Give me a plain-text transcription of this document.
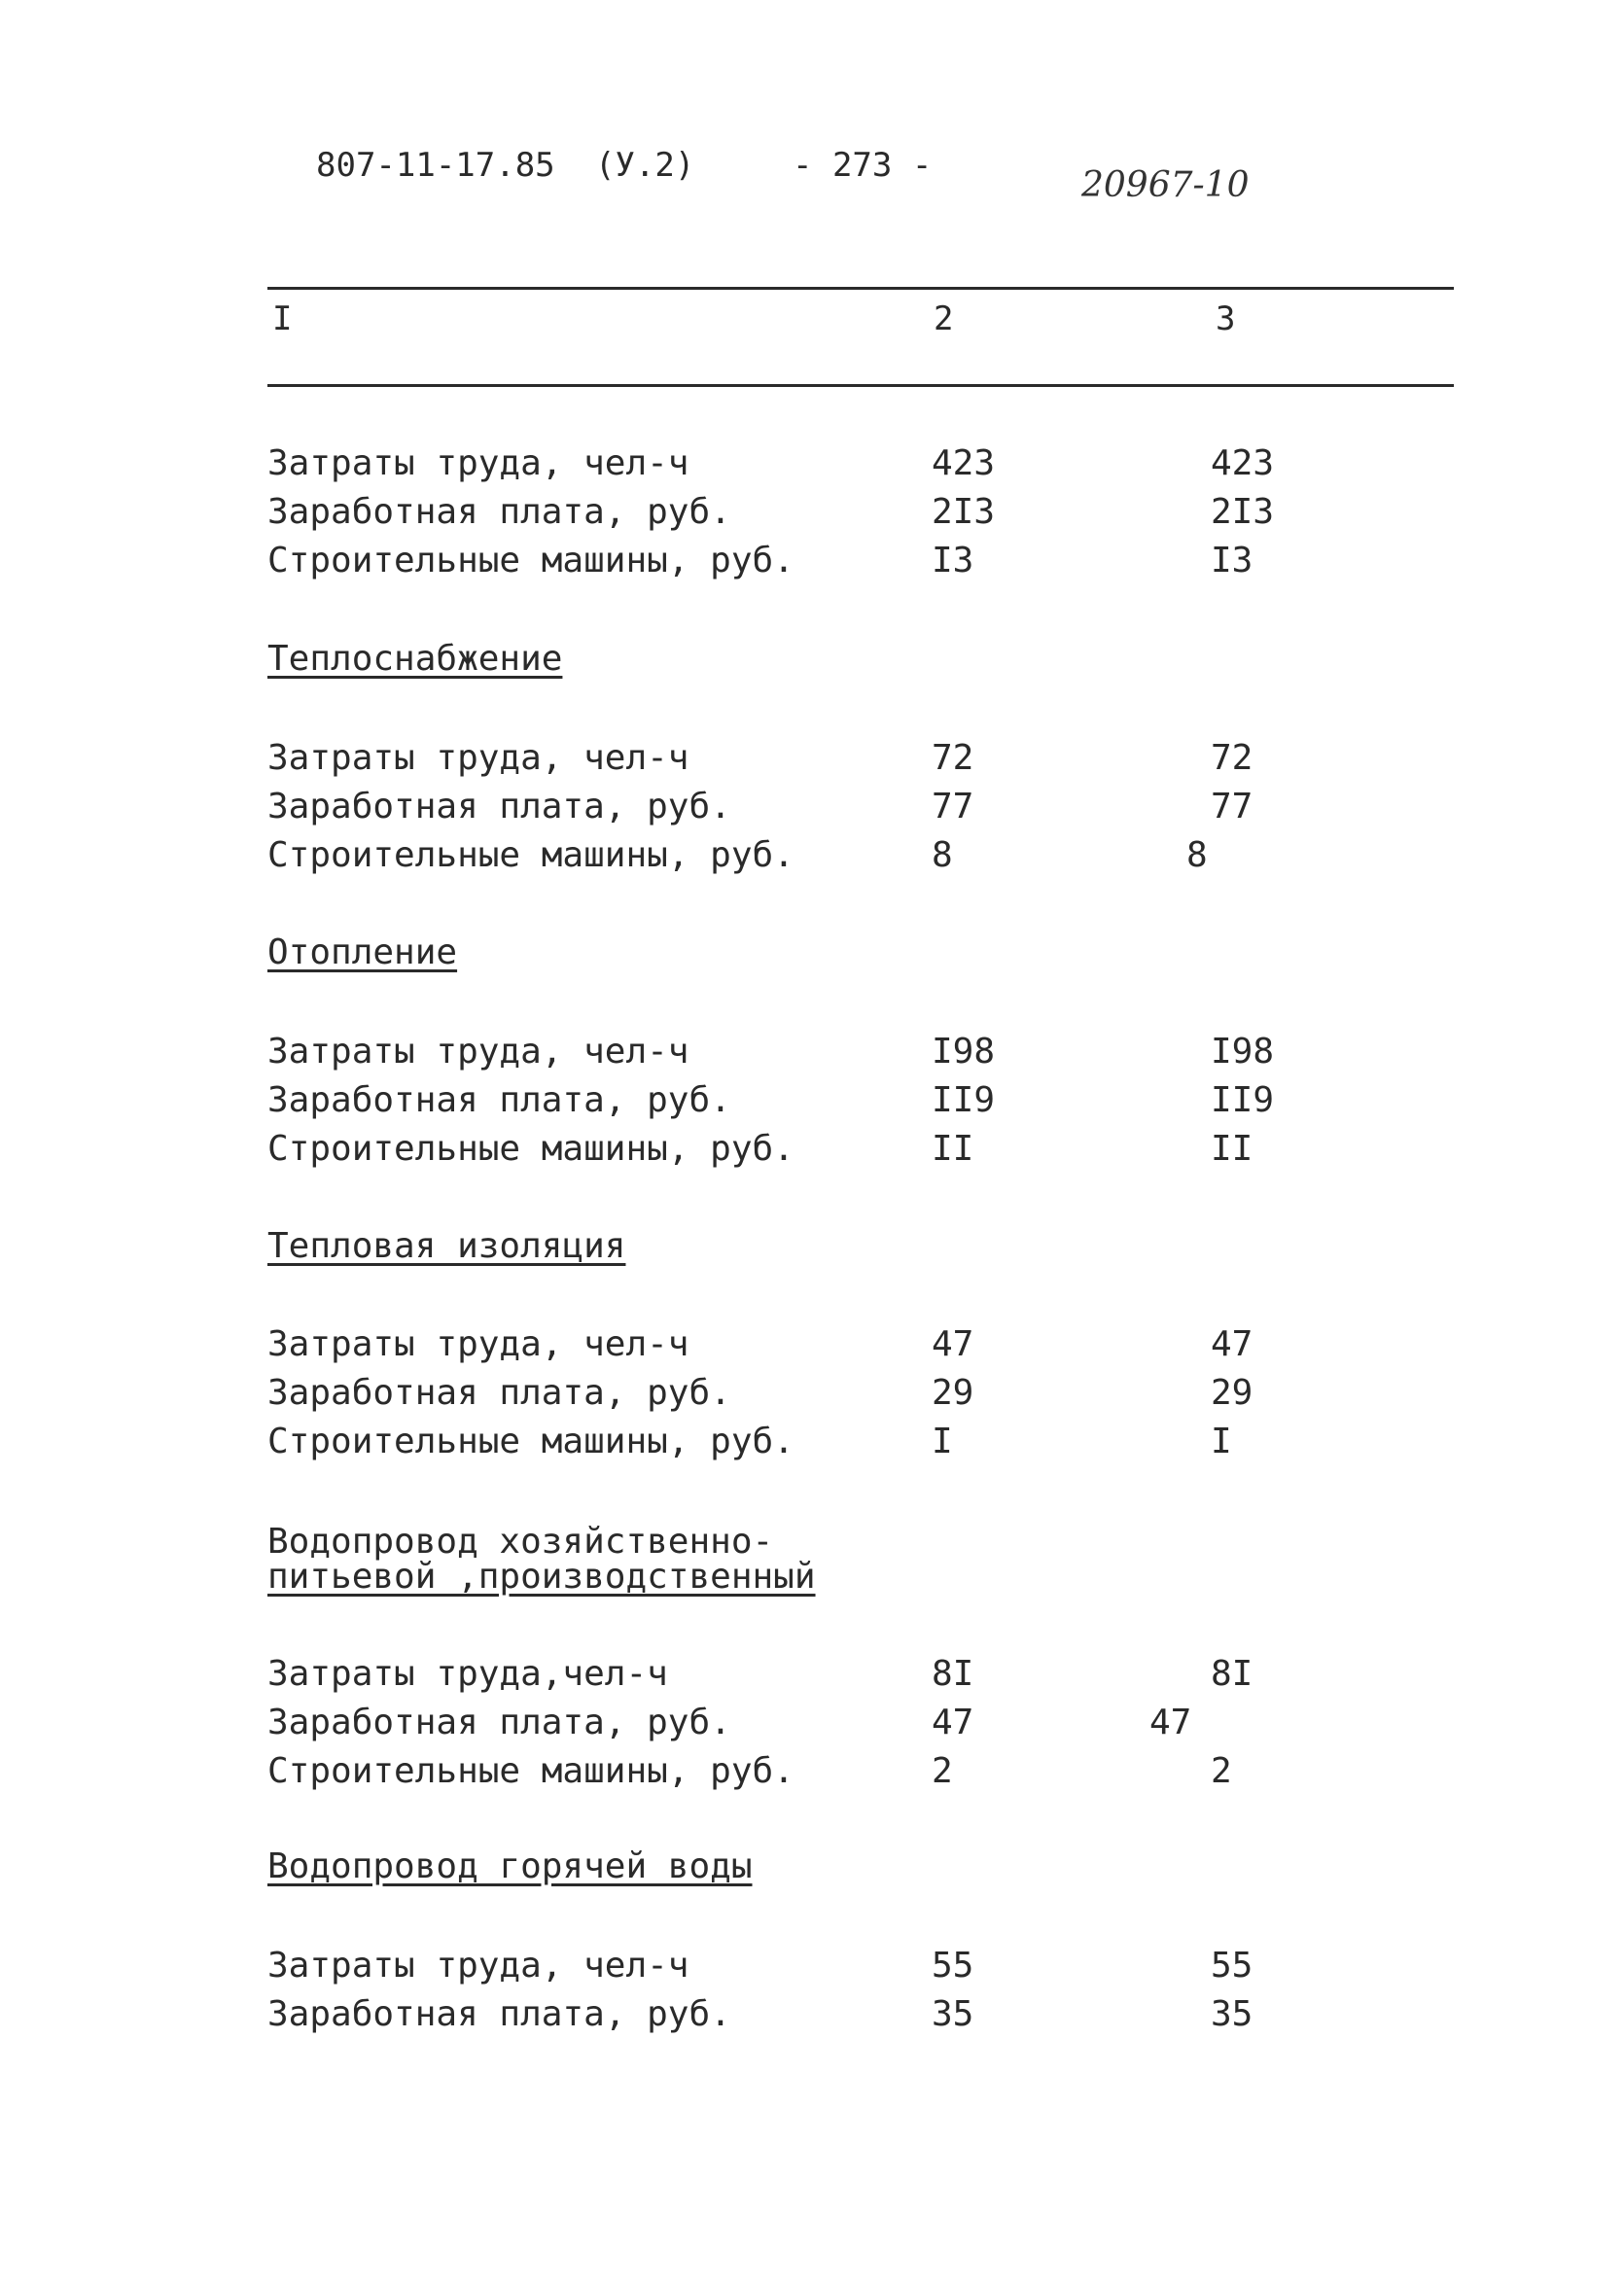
807-11-17.85 (У.2)	- 273 -	20967-10
I	2	3
Затраты труда, чел-ч	423	423
Заработная плата, руб.	2I3	2I3
Строительные машины, руб.	I3	I3
Теплоснабжение
Затраты труда, чел-ч	72	72
Заработная плата, руб.	77	77
Строительные машины, руб.	8	8
Отопление
Затраты труда, чел-ч	I98	I98
Заработная плата, руб.	II9	II9
Строительные машины, руб.	II	II
Тепловая изоляция
Затраты труда, чел-ч	47	47
Заработная плата, руб.	29	29
Строительные машины, руб.	I	I
Водопровод хозяйственно-
питьевой ,производственный
Затраты труда,чел-ч	8I	8I
Заработная плата, руб.	47	47
Строительные машины, руб.	2	2
Водопровод горячей воды
Затраты труда, чел-ч	55	55
Заработная плата, руб.	35	35
